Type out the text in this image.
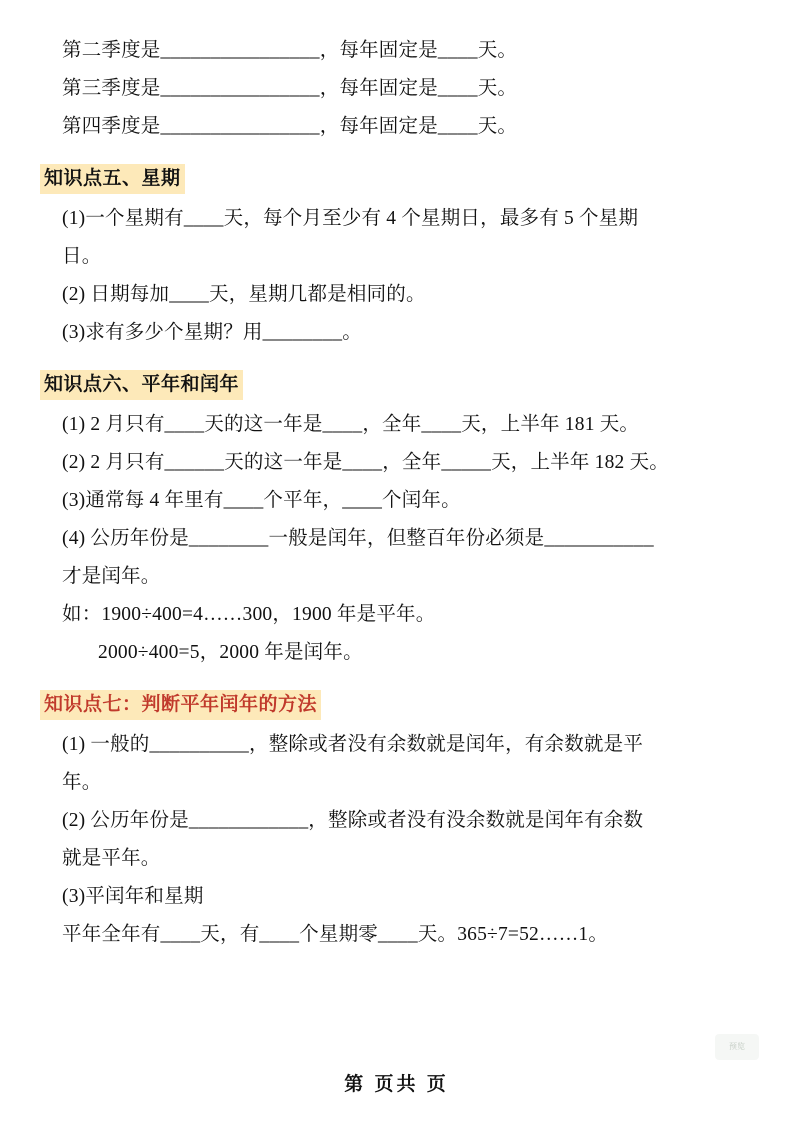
第二季度是________________，每年固定是____天。
第三季度是________________，每年固定是____天。
第四季度是________________，每年固定是____天。
知识点五、星期
(1)一个星期有____天，每个月至少有 4 个星期日，最多有 5 个星期
日。
(2) 日期每加____天，星期几都是相同的。
(3)求有多少个星期？用________。
知识点六、平年和闰年
(1) 2 月只有____天的这一年是____，全年____天，上半年 181 天。
(2) 2 月只有______天的这一年是____，全年_____天，上半年 182 天。
(3)通常每 4 年里有____个平年，____个闰年。
(4) 公历年份是________一般是闰年，但整百年份必须是___________
才是闰年。
如：1900÷400=4……300，1900 年是平年。
2000÷400=5，2000 年是闰年。
知识点七：判断平年闰年的方法
(1) 一般的__________，整除或者没有余数就是闰年，有余数就是平
年。
(2) 公历年份是____________，整除或者没有没余数就是闰年有余数
就是平年。
(3)平闰年和星期
平年全年有____天，有____个星期零____天。365÷7=52……1。
预览
第 页共 页
